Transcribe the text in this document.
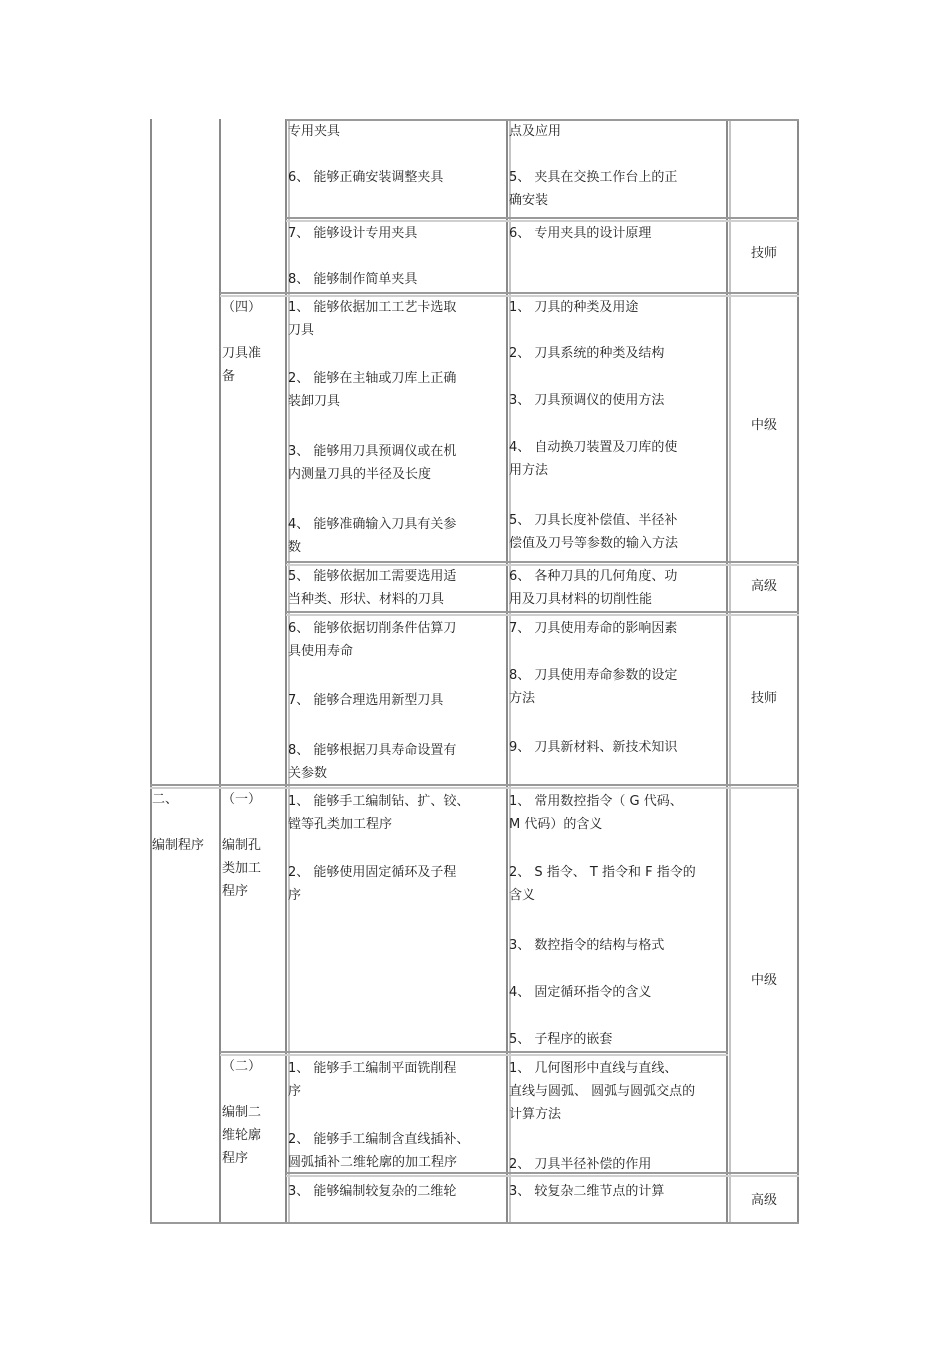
专用夹具
6、 能够正确安装调整夹具
点及应用
5、 夹具在交换工作台上的正
确安装
7、 能够设计专用夹具
8、 能够制作简单夹具
6、 专用夹具的设计原理
技师
（四）
刀具准
备
1、 能够依据加工工艺卡选取
刀具
2、 能够在主轴或刀库上正确
装卸刀具
3、 能够用刀具预调仪或在机
内测量刀具的半径及长度
4、 能够准确输入刀具有关参
数
1、 刀具的种类及用途
2、 刀具系统的种类及结构
3、 刀具预调仪的使用方法
4、 自动换刀装置及刀库的使
用方法
5、 刀具长度补偿值、半径补
偿值及刀号等参数的输入方法
中级
5、 能够依据加工需要选用适
当种类、形状、材料的刀具
6、 各种刀具的几何角度、功
用及刀具材料的切削性能
高级
6、 能够依据切削条件估算刀
具使用寿命
7、 能够合理选用新型刀具
8、 能够根据刀具寿命设置有
关参数
7、 刀具使用寿命的影响因素
8、 刀具使用寿命参数的设定
方法
9、 刀具新材料、新技术知识
技师
二、
编制程序
（一）
编制孔
类加工
程序
1、 能够手工编制钻、扩、铰、
镗等孔类加工程序
2、 能够使用固定循环及子程
序
1、 常用数控指令（ G 代码、
M 代码）的含义
2、 S 指令、 T 指令和 F 指令的
含义
3、 数控指令的结构与格式
4、 固定循环指令的含义
5、 子程序的嵌套
中级
（二）
编制二
维轮廓
程序
1、 能够手工编制平面铣削程
序
2、 能够手工编制含直线插补、
圆弧插补二维轮廓的加工程序
1、 几何图形中直线与直线、
直线与圆弧、 圆弧与圆弧交点的
计算方法
2、 刀具半径补偿的作用
3、 能够编制较复杂的二维轮	3、 较复杂二维节点的计算
高级
